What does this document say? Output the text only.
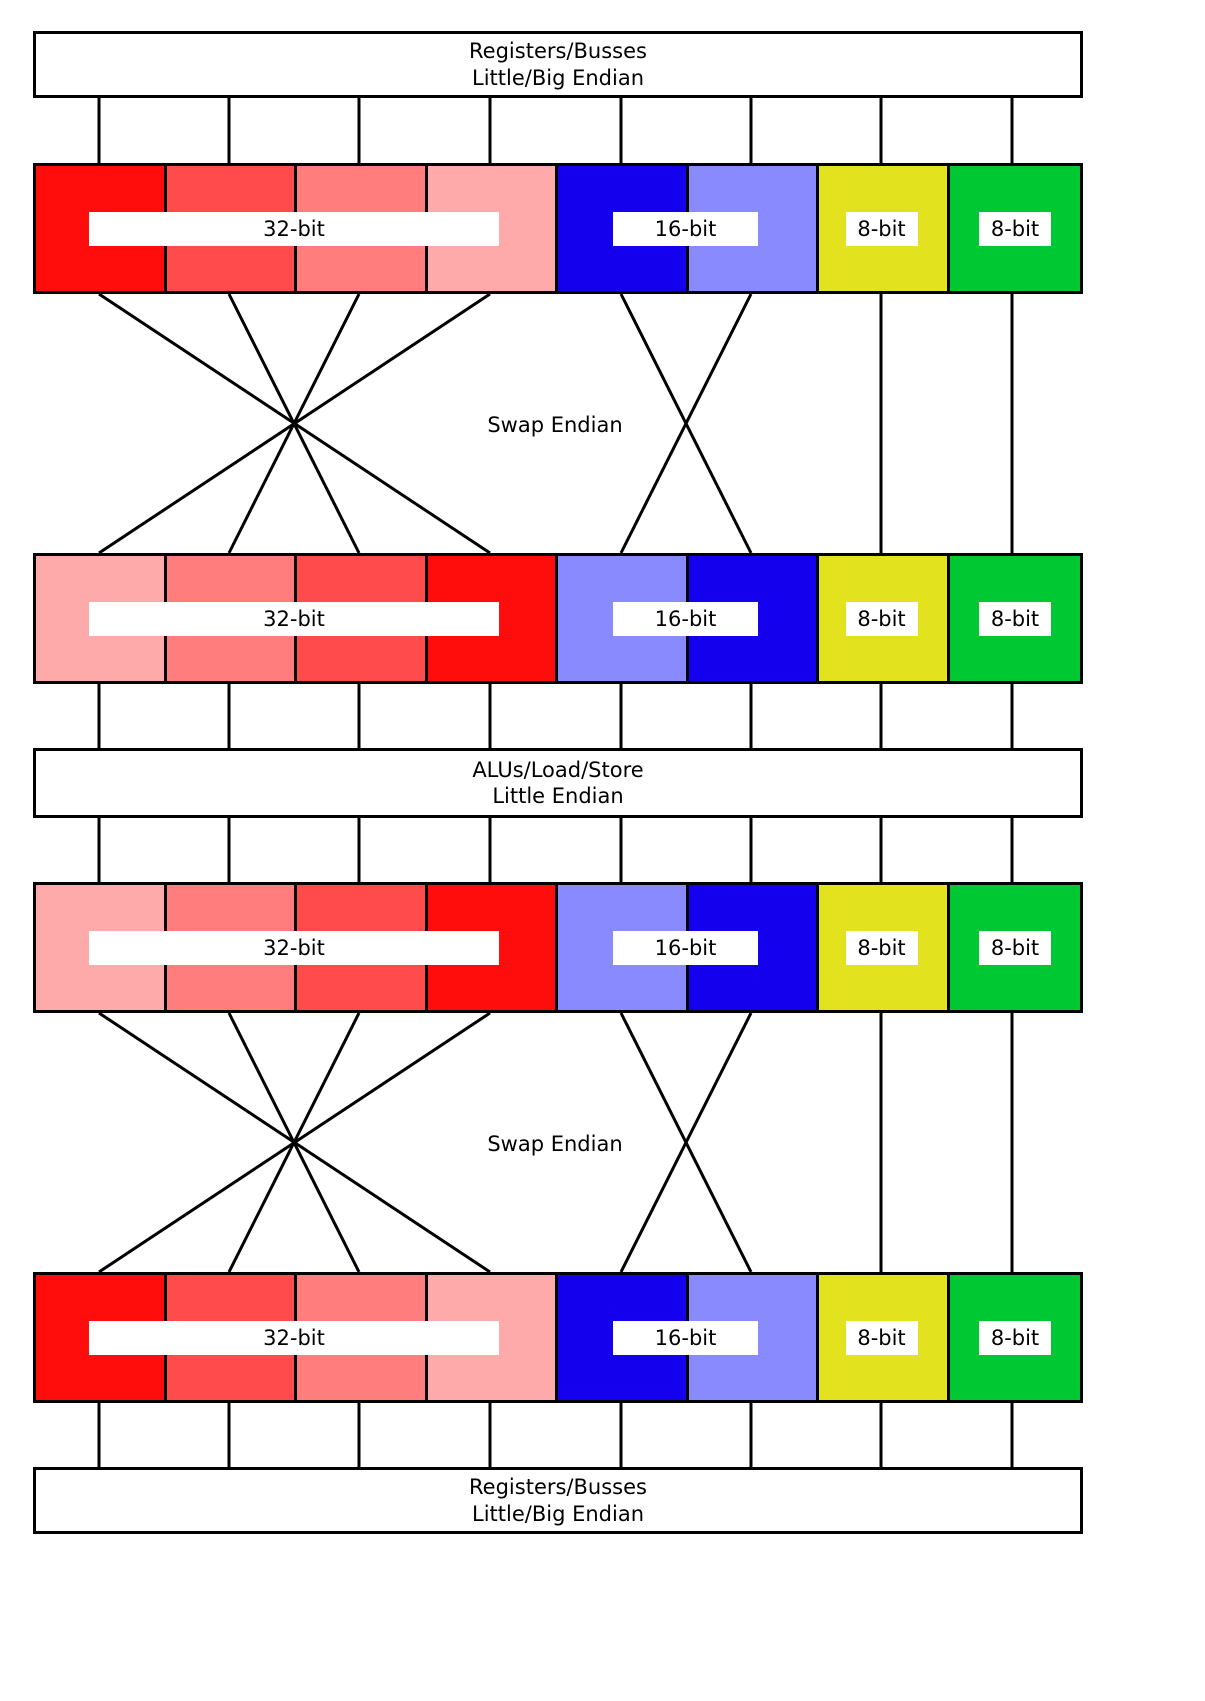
Registers/Busses
Little/Big Endian
32-bit	16-bit	8-bit	8-bit
Swap Endian
32-bit	16-bit	8-bit	8-bit
ALUs/Load/Store
Little Endian
32-bit	16-bit	8-bit	8-bit
Swap Endian
32-bit	16-bit	8-bit	8-bit
Registers/Busses
Little/Big Endian
